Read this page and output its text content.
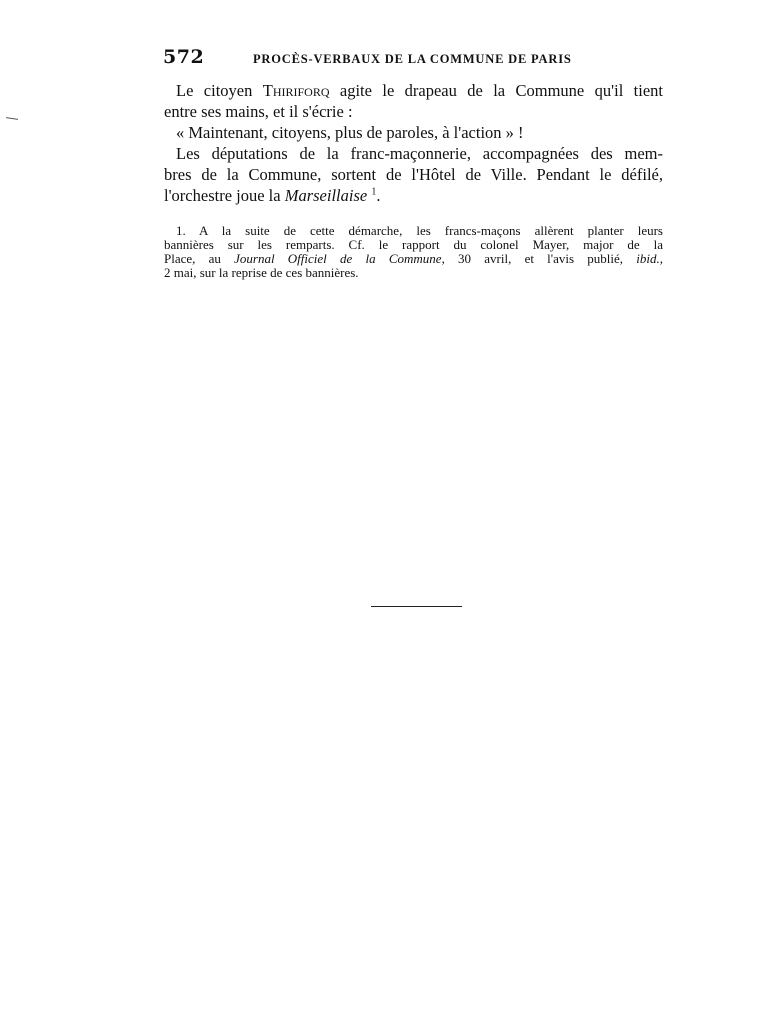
572	PROCÈS-VERBAUX DE LA COMMUNE DE PARIS
Le citoyen Thiriforq agite le drapeau de la Commune qu'il tient
entre ses mains, et il s'écrie :
« Maintenant, citoyens, plus de paroles, à l'action » !
Les députations de la franc-maçonnerie, accompagnées des mem-
bres de la Commune, sortent de l'Hôtel de Ville. Pendant le défilé,
l'orchestre joue la Marseillaise $^1$.
1. A la suite de cette démarche, les francs-maçons allèrent planter leurs
bannières sur les remparts. Cf. le rapport du colonel Mayer, major de la
Place, au Journal Officiel de la Commune, 30 avril, et l'avis publié, ibid.,
2 mai, sur la reprise de ces bannières.
